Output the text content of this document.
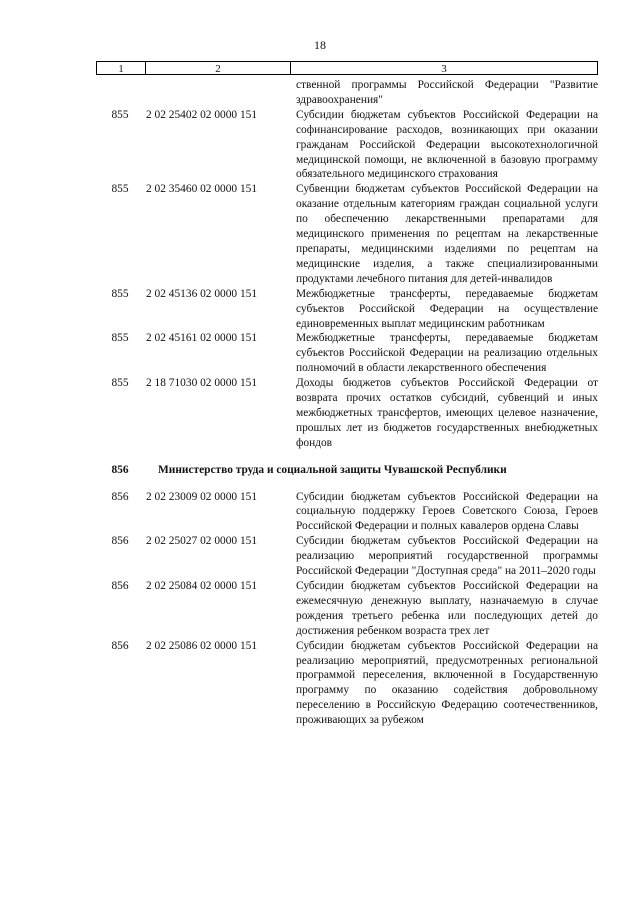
18
1	2	3
ственной программы Российской Федерации "Развитие здравоохранения"
855	2 02 25402 02 0000 151	Субсидии бюджетам субъектов Российской Федерации на софинансирование расходов, возникающих при оказании гражданам Российской Федерации высокотехнологичной медицинской помощи, не включенной в базовую программу обязательного медицинского страхования
855	2 02 35460 02 0000 151	Субвенции бюджетам субъектов Российской Федерации на оказание отдельным категориям граждан социальной услуги по обеспечению лекарственными препаратами для медицинского применения по рецептам на лекарственные препараты, медицинскими изделиями по рецептам на медицинские изделия, а также специализированными продуктами лечебного питания для детей-инвалидов
855	2 02 45136 02 0000 151	Межбюджетные трансферты, передаваемые бюджетам субъектов Российской Федерации на осуществление единовременных выплат медицинским работникам
855	2 02 45161 02 0000 151	Межбюджетные трансферты, передаваемые бюджетам субъектов Российской Федерации на реализацию отдельных полномочий в области лекарственного обеспечения
855	2 18 71030 02 0000 151	Доходы бюджетов субъектов Российской Федерации от возврата прочих остатков субсидий, субвенций и иных межбюджетных трансфертов, имеющих целевое назначение, прошлых лет из бюджетов государственных внебюджетных фондов
856	Министерство труда и социальной защиты Чувашской Республики
856	2 02 23009 02 0000 151	Субсидии бюджетам субъектов Российской Федерации на социальную поддержку Героев Советского Союза, Героев Российской Федерации и полных кавалеров ордена Славы
856	2 02 25027 02 0000 151	Субсидии бюджетам субъектов Российской Федерации на реализацию мероприятий государственной программы Российской Федерации "Доступная среда" на 2011–2020 годы
856	2 02 25084 02 0000 151	Субсидии бюджетам субъектов Российской Федерации на ежемесячную денежную выплату, назначаемую в случае рождения третьего ребенка или последующих детей до достижения ребенком возраста трех лет
856	2 02 25086 02 0000 151	Субсидии бюджетам субъектов Российской Федерации на реализацию мероприятий, предусмотренных региональной программой переселения, включенной в Государственную программу по оказанию содействия добровольному переселению в Российскую Федерацию соотечественников, проживающих за рубежом
